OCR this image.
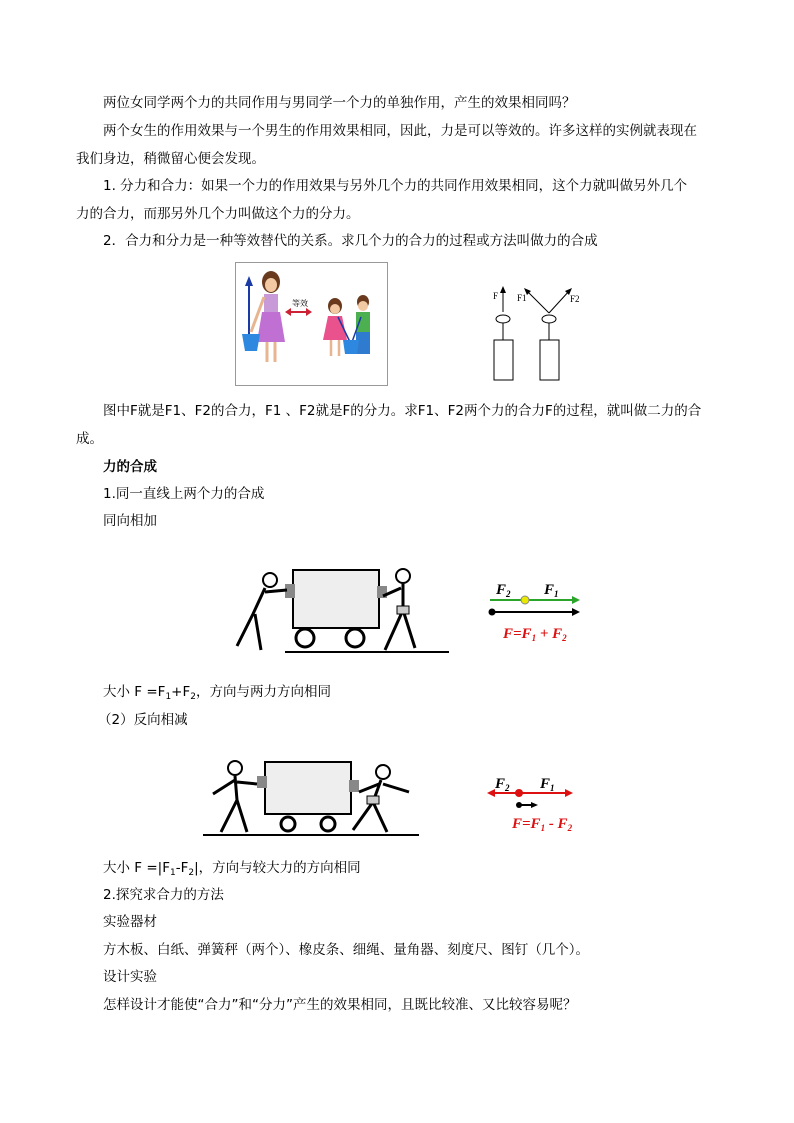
两位女同学两个力的共同作用与男同学一个力的单独作用，产生的效果相同吗？
两个女生的作用效果与一个男生的作用效果相同，因此，力是可以等效的。许多这样的实例就表现在
我们身边，稍微留心便会发现。
1. 分力和合力：如果一个力的作用效果与另外几个力的共同作用效果相同，这个力就叫做另外几个
力的合力，而那另外几个力叫做这个力的分力。
2．合力和分力是一种等效替代的关系。求几个力的合力的过程或方法叫做力的合成
等效
F F1	F2
图中F就是F1、F2的合力，F1 、F2就是F的分力。求F1、F2两个力的合力F的过程，就叫做二力的合
成。
力的合成
1.同一直线上两个力的合成
同向相加
$F_2$ $F_1$
$F=F_1 + F_2$
大小 $F =F_1+F_2$，方向与两力方向相同
（2）反向相减
$F_2$ $F_1$
$F=F_1 - F_2$
大小 $F =|F_1-F_2|$，方向与较大力的方向相同
2.探究求合力的方法
实验器材
方木板、白纸、弹簧秤（两个）、橡皮条、细绳、量角器、刻度尺、图钉（几个）。
设计实验
怎样设计才能使“合力”和“分力”产生的效果相同，且既比较准、又比较容易呢？
